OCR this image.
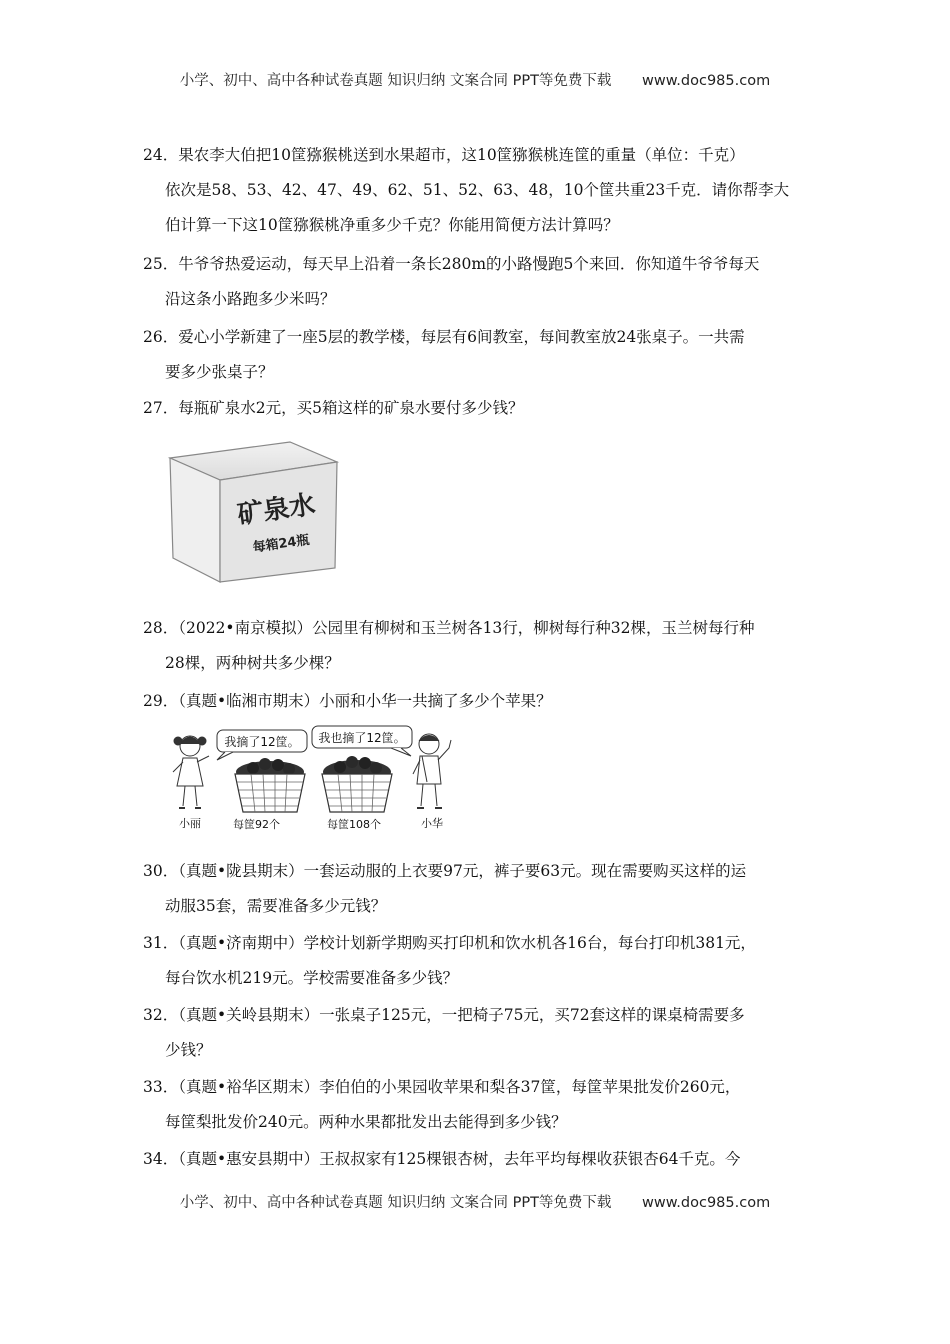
小学、初中、高中各种试卷真题 知识归纳 文案合同 PPT等免费下载 www.doc985.com
24．果农李大伯把10筐猕猴桃送到水果超市，这10筐猕猴桃连筐的重量（单位：千克）
依次是58、53、42、47、49、62、51、52、63、48，10个筐共重23千克．请你帮李大
伯计算一下这10筐猕猴桃净重多少千克？你能用简便方法计算吗？
25．牛爷爷热爱运动，每天早上沿着一条长280m的小路慢跑5个来回．你知道牛爷爷每天
沿这条小路跑多少米吗？
26．爱心小学新建了一座5层的教学楼，每层有6间教室，每间教室放24张桌子。一共需
要多少张桌子？
27．每瓶矿泉水2元，买5箱这样的矿泉水要付多少钱？
矿泉水
每箱24瓶
28．（2022•南京模拟）公园里有柳树和玉兰树各13行，柳树每行种32棵，玉兰树每行种
28棵，两种树共多少棵？
29．（真题•临湘市期末）小丽和小华一共摘了多少个苹果？
我摘了12筐。 我也摘了12筐。
小丽	每筐92个	每筐108个	小华
30．（真题•陇县期末）一套运动服的上衣要97元，裤子要63元。现在需要购买这样的运
动服35套，需要准备多少元钱？
31．（真题•济南期中）学校计划新学期购买打印机和饮水机各16台，每台打印机381元，
每台饮水机219元。学校需要准备多少钱？
32．（真题•关岭县期末）一张桌子125元，一把椅子75元，买72套这样的课桌椅需要多
少钱？
33．（真题•裕华区期末）李伯伯的小果园收苹果和梨各37筐，每筐苹果批发价260元，
每筐梨批发价240元。两种水果都批发出去能得到多少钱？
34．（真题•惠安县期中）王叔叔家有125棵银杏树，去年平均每棵收获银杏64千克。今
小学、初中、高中各种试卷真题 知识归纳 文案合同 PPT等免费下载 www.doc985.com
